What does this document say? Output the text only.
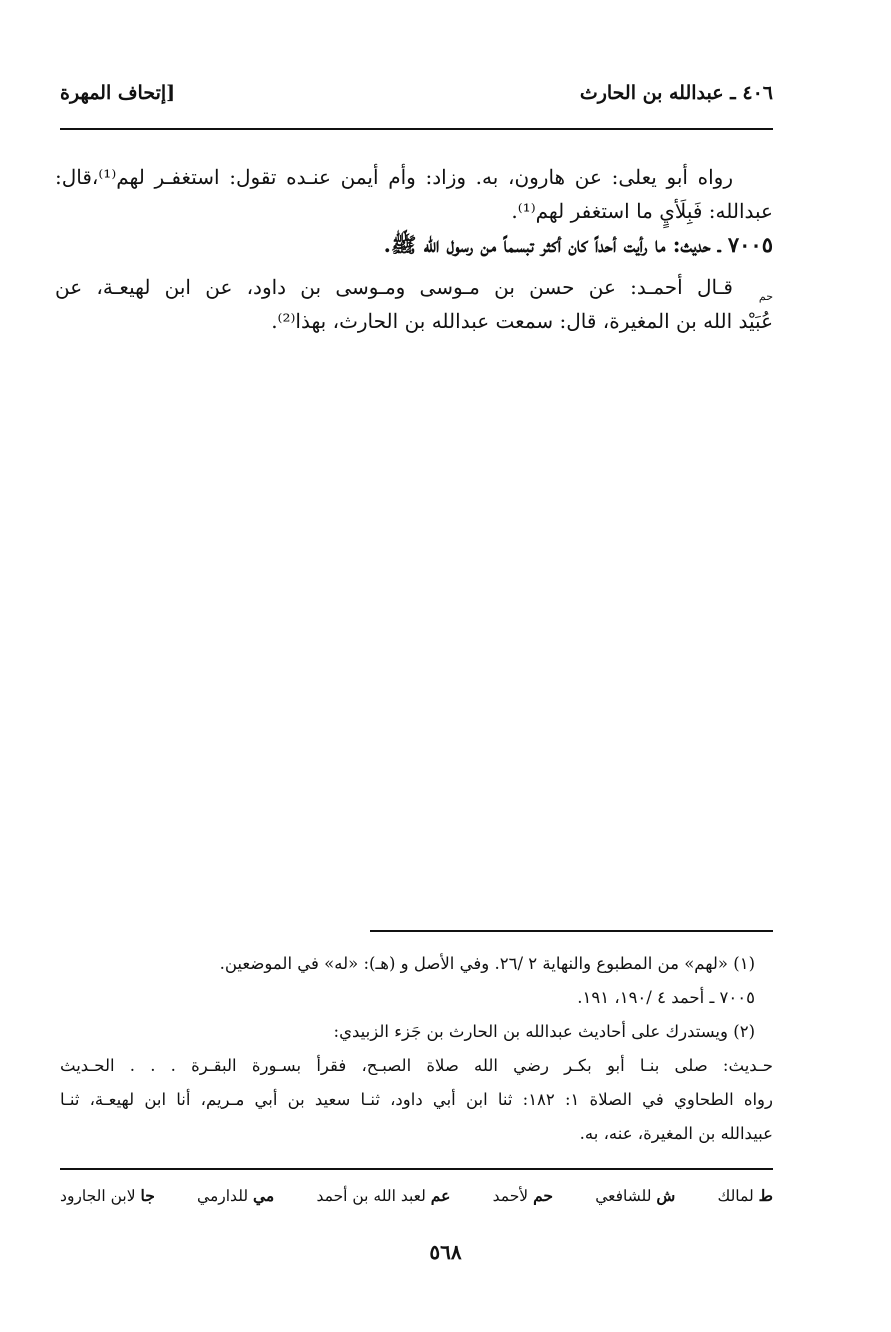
٤٠٦ ـ عبدالله بن الحارث
[إتحاف المهرة
رواه أبو يعلى: عن هارون، به. وزاد: وأم أيمن عنـده تقول: استغفـر لهم⁽¹⁾،قال:
عبدالله: فَبِلَأيٍ ما استغفر لهم⁽¹⁾.
٧٠٠٥ ـ حديث: ما رأيت أحداً كان أكثر تبسماً من رسول الله ﷺ.
حم
قـال أحمـد: عن حسن بن مـوسى ومـوسى بن داود، عن ابن لهيعـة، عن
عُبَيْد الله بن المغيرة، قال: سمعت عبدالله بن الحارث، بهذا⁽²⁾.
(١) «لهم» من المطبوع والنهاية ٢ /٢٦. وفي الأصل و (هـ): «له» في الموضعين.
٧٠٠٥ ـ أحمد ٤ /١٩٠، ١٩١.
(٢) ويستدرك على أحاديث عبدالله بن الحارث بن جَزء الزبيدي:
حـديث: صلى بنـا أبو بكـر رضي الله صلاة الصبـح، فقرأ بسـورة البقـرة . . . الحـديث
رواه الطحاوي في الصلاة ١: ١٨٢: ثنا ابن أبي داود، ثنـا سعيد بن أبي مـريم، أنا ابن لهيعـة، ثنـا
عبيدالله بن المغيرة، عنه، به.
ط لمالك
ش للشافعي
حم لأحمد
عم لعبد الله بن أحمد
مي للدارمي
جا لابن الجارود
٥٦٨
